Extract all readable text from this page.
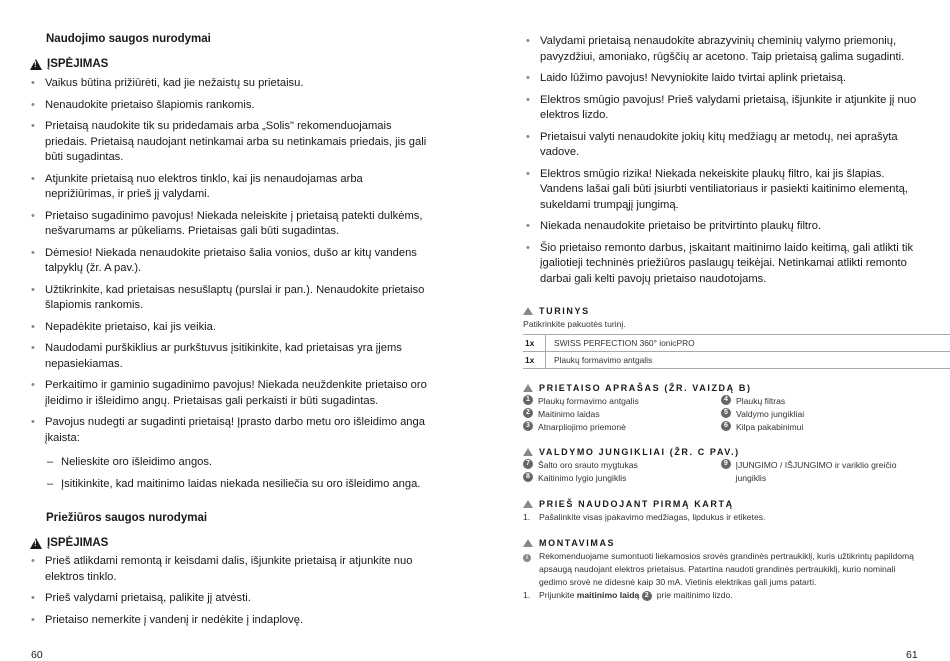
Naudojimo saugos nurodymai
!
ĮSPĖJIMAS
• Vaikus būtina prižiūrėti, kad jie nežaistų su prietaisu.
• Nenaudokite prietaiso šlapiomis rankomis.
• Prietaisą naudokite tik su pridedamais arba „Solis" rekomenduojamais priedais. Prietaisą naudojant netinkamai arba su netinkamais priedais, jis gali būti sugadintas.
• Atjunkite prietaisą nuo elektros tinklo, kai jis nenaudojamas arba neprižiūrimas, ir prieš jį valydami.
• Prietaiso sugadinimo pavojus! Niekada neleiskite į prietaisą patekti dulkėms, nešvarumams ar pūkeliams. Prietaisas gali būti sugadintas.
• Dėmesio! Niekada nenaudokite prietaiso šalia vonios, dušo ar kitų vandens talpyklų (žr. A pav.).
• Užtikrinkite, kad prietaisas nesušlaptų (purslai ir pan.). Nenaudokite prietaiso šlapiomis rankomis.
• Nepadėkite prietaiso, kai jis veikia.
• Naudodami purškiklius ar purkštuvus įsitikinkite, kad prietaisas yra įjems nepasiekiamas.
• Perkaitimo ir gaminio sugadinimo pavojus! Niekada neuždenkite prietaiso oro įleidimo ir išleidimo angų. Prietaisas gali perkaisti ir būti sugadintas.
• Pavojus nudegti ar sugadinti prietaisą! Įprasto darbo metu oro išleidimo anga įkaista:
– Nelieskite oro išleidimo angos.
– Įsitikinkite, kad maitinimo laidas niekada nesiliečia su oro išleidimo anga.
Priežiūros saugos nurodymai
!
ĮSPĖJIMAS
• Prieš atlikdami remontą ir keisdami dalis, išjunkite prietaisą ir atjunkite nuo elektros tinklo.
• Prieš valydami prietaisą, palikite jį atvėsti.
• Prietaiso nemerkite į vandenį ir nedėkite į indaplovę.
60
• Valydami prietaisą nenaudokite abrazyvinių cheminių valymo priemonių, pavyzdžiui, amoniako, rūgščių ar acetono. Taip prietaisą galima sugadinti.
• Laido lūžimo pavojus! Nevyniokite laido tvirtai aplink prietaisą.
• Elektros smūgio pavojus! Prieš valydami prietaisą, išjunkite ir atjunkite jį nuo elektros lizdo.
• Prietaisui valyti nenaudokite jokių kitų medžiagų ar metodų, nei aprašyta vadove.
• Elektros smūgio rizika! Niekada nekeiskite plaukų filtro, kai jis šlapias. Vandens lašai gali būti įsiurbti ventiliatoriaus ir pasiekti kaitinimo elementą, sukeldami trumpąjį jungimą.
• Niekada nenaudokite prietaiso be pritvirtinto plaukų filtro.
• Šio prietaiso remonto darbus, įskaitant maitinimo laido keitimą, gali atlikti tik įgaliotieji techninės priežiūros paslaugų teikėjai. Netinkamai atlikti remonto darbai gali kelti pavojų prietaiso naudotojams.
TURINYS
Patikrinkite pakuotės turinį.
1x	SWISS PERFECTION 360° ionicPRO
1x	Plaukų formavimo antgalis
PRIETAISO APRAŠAS (ŽR. VAIZDĄ B)
1 Plaukų formavimo antgalis
2 Maitinimo laidas
3 Atnarpliojimo priemonė
4 Plaukų filtras
5 Valdymo jungikliai
6 Kilpa pakabinimui
VALDYMO JUNGIKLIAI (ŽR. C PAV.)
7 Šalto oro srauto mygtukas
8 Kaitinimo lygio jungiklis
9 ĮJUNGIMO / IŠJUNGIMO ir variklio greičio jungiklis
PRIEŠ NAUDOJANT PIRMĄ KARTĄ
1.	Pašalinkite visas įpakavimo medžiagas, lipdukus ir etiketes.
MONTAVIMAS
i	Rekomenduojame sumontuoti liekamosios srovės grandinės pertraukiklį, kuris užtikrintų papildomą apsaugą naudojant elektros prietaisus. Patartina naudoti grandinės pertraukiklį, kurio nominali gedimo srovė ne didesnė kaip 30 mA. Vietinis elektrikas gali jums patarti.
1.	Prijunkite maitinimo laidą 2 prie maitinimo lizdo.
61
